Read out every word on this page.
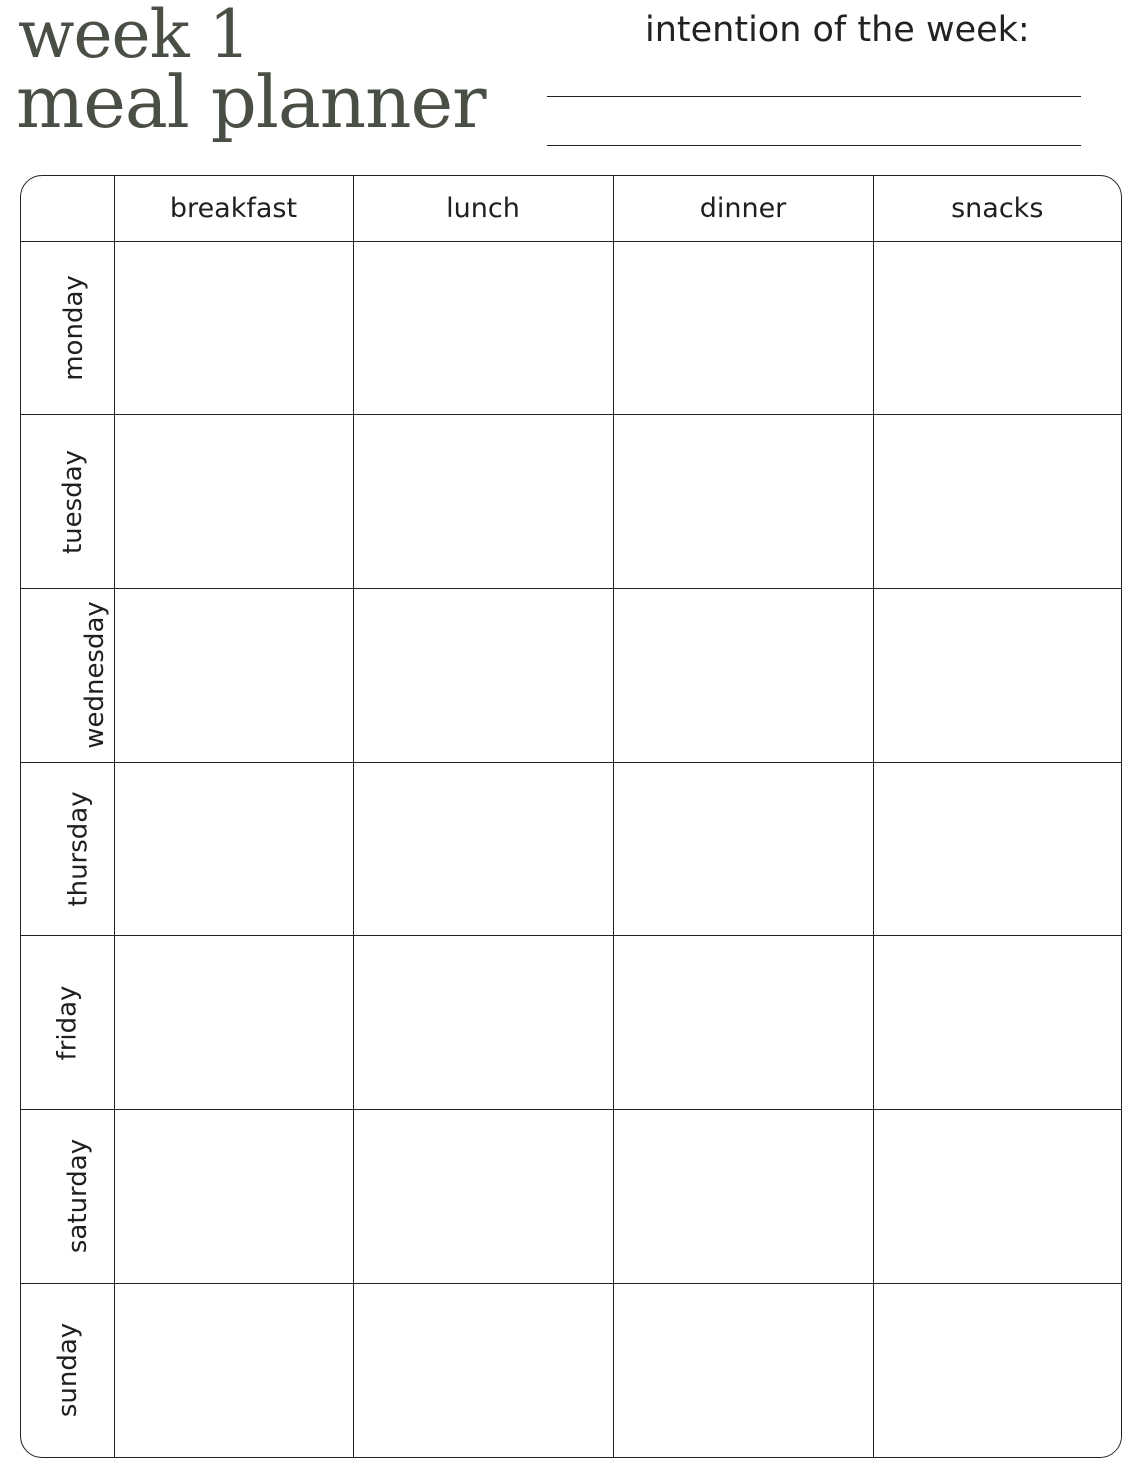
week 1
meal planner
intention of the week:
	breakfast	lunch	dinner	snacks
monday				
tuesday				
wednesday				
thursday				
friday				
saturday				
sunday				
